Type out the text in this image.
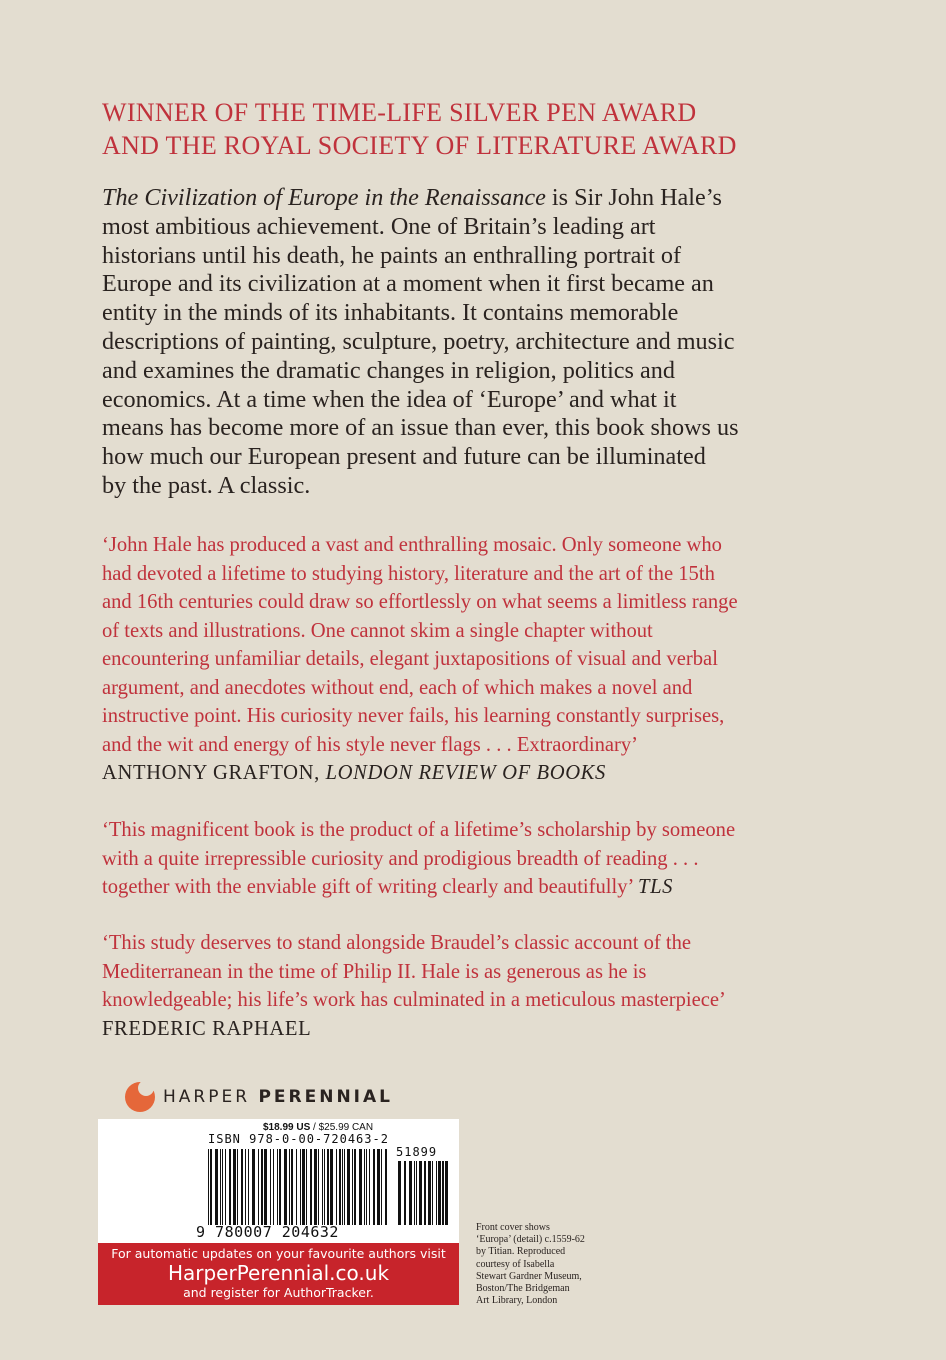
WINNER OF THE TIME-LIFE SILVER PEN AWARD
AND THE ROYAL SOCIETY OF LITERATURE AWARD
The Civilization of Europe in the Renaissance is Sir John Hale’s
most ambitious achievement. One of Britain’s leading art
historians until his death, he paints an enthralling portrait of
Europe and its civilization at a moment when it first became an
entity in the minds of its inhabitants. It contains memorable
descriptions of painting, sculpture, poetry, architecture and music
and examines the dramatic changes in religion, politics and
economics. At a time when the idea of ‘Europe’ and what it
means has become more of an issue than ever, this book shows us
how much our European present and future can be illuminated
by the past. A classic.
‘John Hale has produced a vast and enthralling mosaic. Only someone who
had devoted a lifetime to studying history, literature and the art of the 15th
and 16th centuries could draw so effortlessly on what seems a limitless range
of texts and illustrations. One cannot skim a single chapter without
encountering unfamiliar details, elegant juxtapositions of visual and verbal
argument, and anecdotes without end, each of which makes a novel and
instructive point. His curiosity never fails, his learning constantly surprises,
and the wit and energy of his style never flags . . . Extraordinary’
ANTHONY GRAFTON, LONDON REVIEW OF BOOKS
‘This magnificent book is the product of a lifetime’s scholarship by someone
with a quite irrepressible curiosity and prodigious breadth of reading . . .
together with the enviable gift of writing clearly and beautifully’ TLS
‘This study deserves to stand alongside Braudel’s classic account of the
Mediterranean in the time of Philip II. Hale is as generous as he is
knowledgeable; his life’s work has culminated in a meticulous masterpiece’
FREDERIC RAPHAEL
HARPER PERENNIAL
$18.99 US / $25.99 CAN
ISBN 978-0-00-720463-2
51899
9 780007 204632
For automatic updates on your favourite authors visit
HarperPerennial.co.uk
and register for AuthorTracker.
Front cover shows
‘Europa’ (detail) c.1559-62
by Titian. Reproduced
courtesy of Isabella
Stewart Gardner Museum,
Boston/The Bridgeman
Art Library, London
